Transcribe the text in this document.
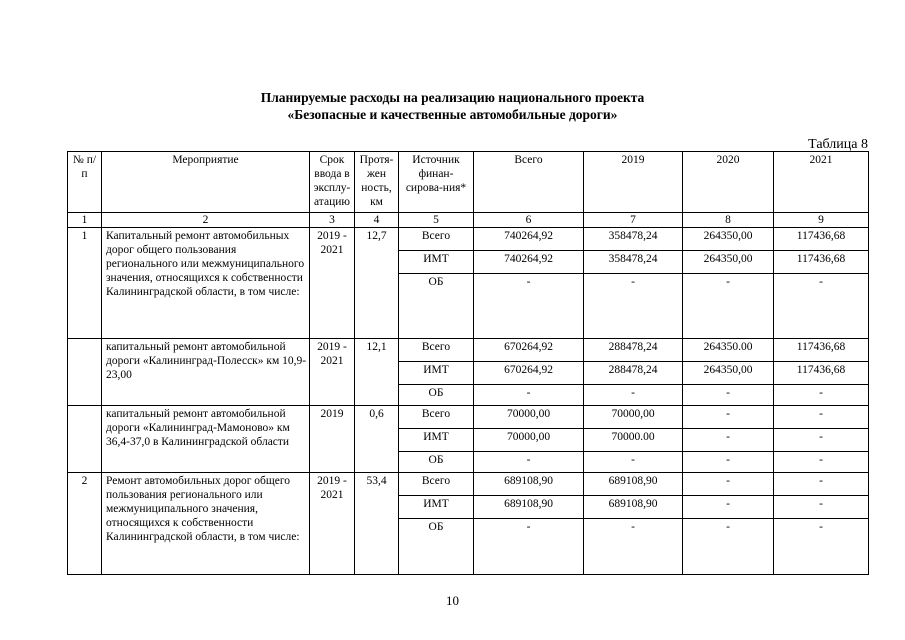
Планируемые расходы на реализацию национального проекта
«Безопасные и качественные автомобильные дороги»
Таблица 8
№ п/п	Мероприятие	Срок ввода в эксплу-атацию	Протя-жен ность, км	Источник финан-сирова-ния*	Всего	2019	2020	2021
1	2	3	4	5	6	7	8	9
1	Капитальный ремонт автомобильных дорог общего пользования регионального или межмуниципального значения, относящихся к собственности Калининградской области, в том числе:	2019 - 2021	12,7	Всего	740264,92	358478,24	264350,00	117436,68
				ИМТ	740264,92	358478,24	264350,00	117436,68
				ОБ	-	-	-	-
	капитальный ремонт автомобильной дороги «Калининград-Полесск» км 10,9-23,00	2019 - 2021	12,1	Всего	670264,92	288478,24	264350.00	117436,68
				ИМТ	670264,92	288478,24	264350,00	117436,68
				ОБ	-	-	-	-
	капитальный ремонт автомобильной дороги «Калининград-Мамоново» км 36,4-37,0 в Калининградской области	2019	0,6	Всего	70000,00	70000,00	-	-
				ИМТ	70000,00	70000.00	-	-
				ОБ	-	-	-	-
2	Ремонт автомобильных дорог общего пользования регионального или межмуниципального значения, относящихся к собственности Калининградской области, в том числе:	2019 - 2021	53,4	Всего	689108,90	689108,90	-	-
				ИМТ	689108,90	689108,90	-	-
				ОБ	-	-	-	-
10
